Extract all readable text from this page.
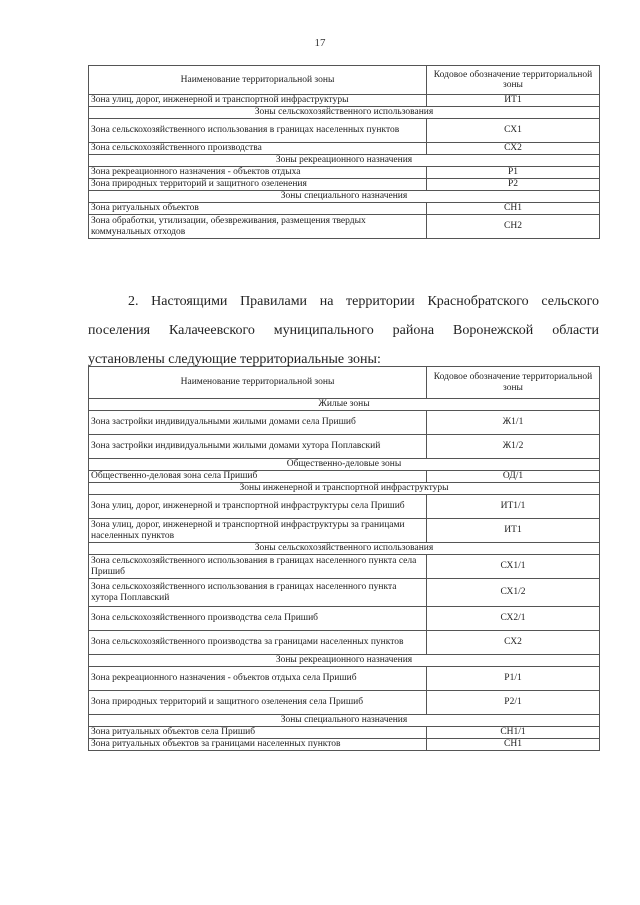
17
Наименование территориальной зоны	Кодовое обозначение территориальной зоны
Зона улиц, дорог, инженерной и транспортной инфраструктуры	ИТ1
Зоны сельскохозяйственного использования	
Зона сельскохозяйственного использования в границах населенных пунктов	СХ1
Зона сельскохозяйственного производства	СХ2
Зоны рекреационного назначения	
Зона рекреационного назначения - объектов отдыха	Р1
Зона природных территорий и защитного озеленения	Р2
Зоны специального назначения	
Зона ритуальных объектов	СН1
Зона обработки, утилизации, обезвреживания, размещения твердых коммунальных отходов	СН2
2. Настоящими Правилами на территории Краснобратского сельского поселения Калачеевского муниципального района Воронежской области установлены следующие территориальные зоны:
Наименование территориальной зоны	Кодовое обозначение территориальной зоны
Жилые зоны	
Зона застройки индивидуальными жилыми домами села Пришиб	Ж1/1
Зона застройки индивидуальными жилыми домами хутора Поплавский	Ж1/2
Общественно-деловые зоны	
Общественно-деловая зона села Пришиб	ОД/1
Зоны инженерной и транспортной инфраструктуры	
Зона улиц, дорог, инженерной и транспортной инфраструктуры села Пришиб	ИТ1/1
Зона улиц, дорог, инженерной и транспортной инфраструктуры за границами населенных пунктов	ИТ1
Зоны сельскохозяйственного использования	
Зона сельскохозяйственного использования в границах населенного пункта села Пришиб	СХ1/1
Зона сельскохозяйственного использования в границах населенного пункта хутора Поплавский	СХ1/2
Зона сельскохозяйственного производства села Пришиб	СХ2/1
Зона сельскохозяйственного производства за границами населенных пунктов	СХ2
Зоны рекреационного назначения	
Зона рекреационного назначения - объектов отдыха села Пришиб	Р1/1
Зона природных территорий и защитного озеленения села Пришиб	Р2/1
Зоны специального назначения	
Зона ритуальных объектов села Пришиб	СН1/1
Зона ритуальных объектов за границами населенных пунктов	СН1
